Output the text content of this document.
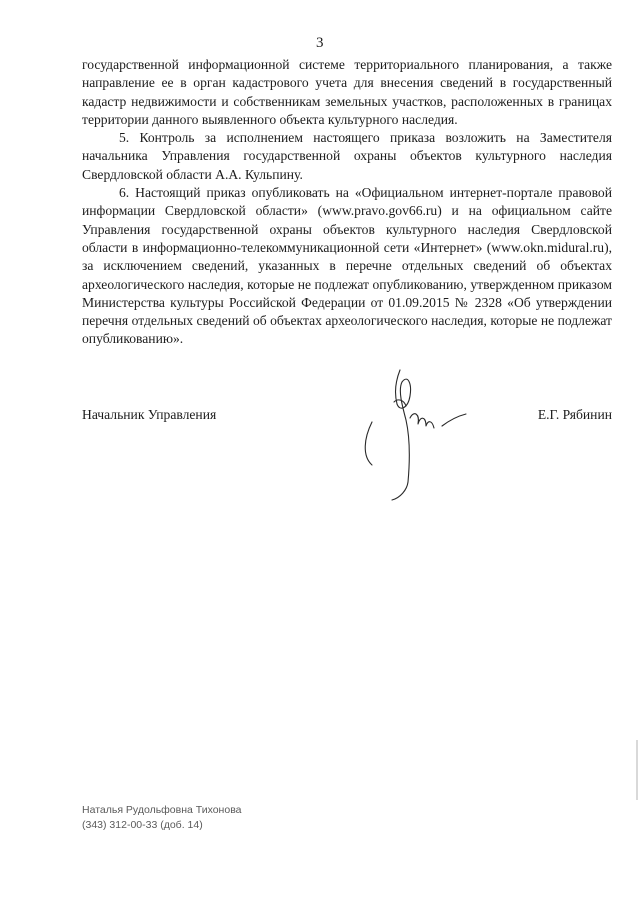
3

государственной информационной системе территориального планирования, а также направление ее в орган кадастрового учета для внесения сведений в государственный кадастр недвижимости и собственникам земельных участков, расположенных в границах территории данного выявленного объекта культурного наследия.

5. Контроль за исполнением настоящего приказа возложить на Заместителя начальника Управления государственной охраны объектов культурного наследия Свердловской области А.А. Кульпину.

6. Настоящий приказ опубликовать на «Официальном интернет-портале правовой информации Свердловской области» (www.pravo.gov66.ru) и на официальном сайте Управления государственной охраны объектов культурного наследия Свердловской области в информационно-телекоммуникационной сети «Интернет» (www.okn.midural.ru), за исключением сведений, указанных в перечне отдельных сведений об объектах археологического наследия, которые не подлежат опубликованию, утвержденном приказом Министерства культуры Российской Федерации от 01.09.2015 № 2328 «Об утверждении перечня отдельных сведений об объектах археологического наследия, которые не подлежат опубликованию».

Начальник Управления	Е.Г. Рябинин
Наталья Рудольфовна Тихонова
(343) 312-00-33 (доб. 14)
